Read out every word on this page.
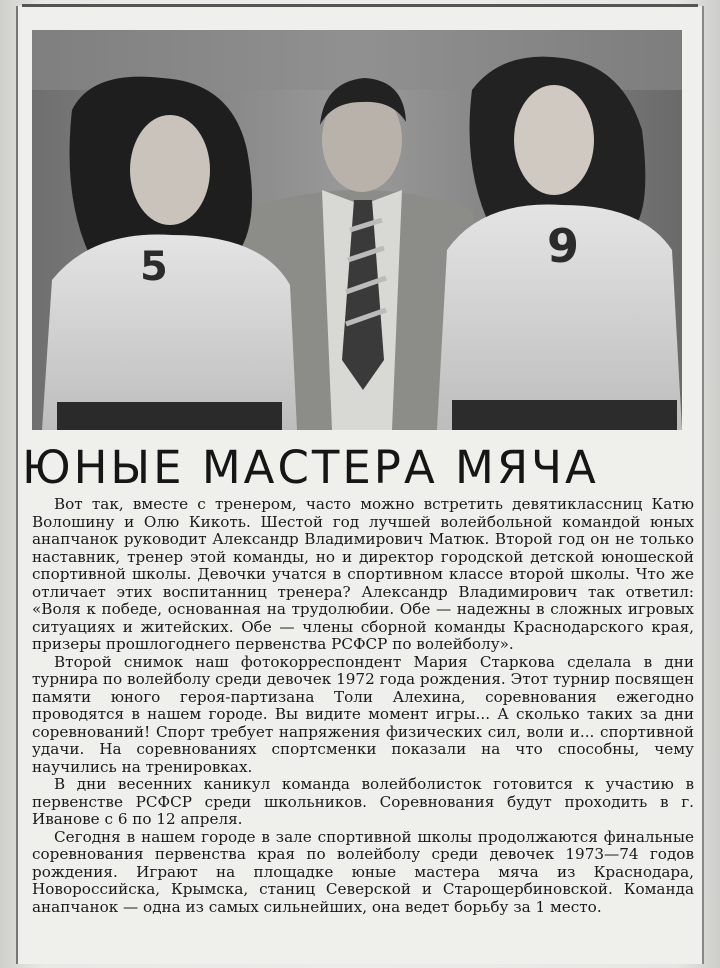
5	9
ЮНЫЕ МАСТЕРА МЯЧА

Вот так, вместе с тренером, часто можно встретить девятиклассниц Катю Волошину и Олю Кикоть. Шестой год лучшей волейбольной командой юных анапчанок руководит Александр Владимирович Матюк. Второй год он не только наставник, тренер этой команды, но и директор городской детской юношеской спортивной школы. Девочки учатся в спортивном классе второй школы. Что же отличает этих воспитанниц тренера? Александр Владимирович так ответил: «Воля к победе, основанная на трудолюбии. Обе — надежны в сложных игровых ситуациях и житейских. Обе — члены сборной команды Краснодарского края, призеры прошлогоднего первенства РСФСР по волейболу».

Второй снимок наш фотокорреспондент Мария Старкова сделала в дни турнира по волейболу среди девочек 1972 года рождения. Этот турнир посвящен памяти юного героя-партизана Толи Алехина, соревнования ежегодно проводятся в нашем городе. Вы видите момент игры... А сколько таких за дни соревнований! Спорт требует напряжения физических сил, воли и... спортивной удачи. На соревнованиях спортсменки показали на что способны, чему научились на тренировках.

В дни весенних каникул команда волейболисток готовится к участию в первенстве РСФСР среди школьников. Соревнования будут проходить в г. Иванове с 6 по 12 апреля.

Сегодня в нашем городе в зале спортивной школы продолжаются финальные соревнования первенства края по волейболу среди девочек 1973—74 годов рождения. Играют на площадке юные мастера мяча из Краснодара, Новороссийска, Крымска, станиц Северской и Старощербиновской. Команда анапчанок — одна из самых сильнейших, она ведет борьбу за 1 место.
